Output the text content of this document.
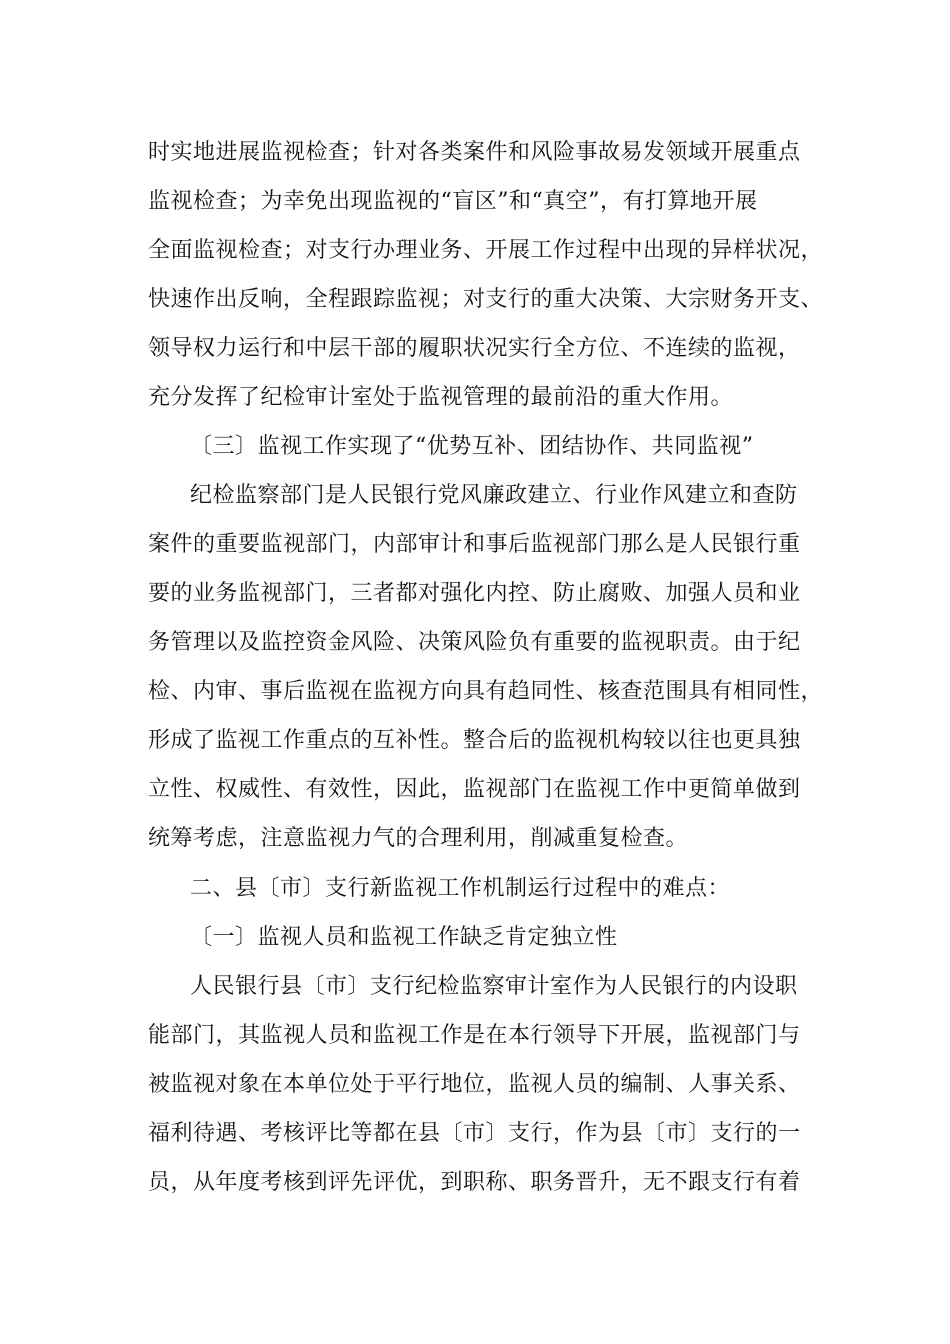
时实地进展监视检查；针对各类案件和风险事故易发领域开展重点
监视检查；为幸免出现监视的“盲区”和“真空”，有打算地开展
全面监视检查；对支行办理业务、开展工作过程中出现的异样状况，
快速作出反响，全程跟踪监视；对支行的重大决策、大宗财务开支、
领导权力运行和中层干部的履职状况实行全方位、不连续的监视，
充分发挥了纪检审计室处于监视管理的最前沿的重大作用。
〔三〕监视工作实现了“优势互补、团结协作、共同监视”
纪检监察部门是人民银行党风廉政建立、行业作风建立和查防
案件的重要监视部门，内部审计和事后监视部门那么是人民银行重
要的业务监视部门，三者都对强化内控、防止腐败、加强人员和业
务管理以及监控资金风险、决策风险负有重要的监视职责。由于纪
检、内审、事后监视在监视方向具有趋同性、核查范围具有相同性，
形成了监视工作重点的互补性。整合后的监视机构较以往也更具独
立性、权威性、有效性，因此，监视部门在监视工作中更简单做到
统筹考虑，注意监视力气的合理利用，削减重复检查。
二、县〔市〕支行新监视工作机制运行过程中的难点：
〔一〕监视人员和监视工作缺乏肯定独立性
人民银行县〔市〕支行纪检监察审计室作为人民银行的内设职
能部门，其监视人员和监视工作是在本行领导下开展，监视部门与
被监视对象在本单位处于平行地位，监视人员的编制、人事关系、
福利待遇、考核评比等都在县〔市〕支行，作为县〔市〕支行的一
员，从年度考核到评先评优，到职称、职务晋升，无不跟支行有着
